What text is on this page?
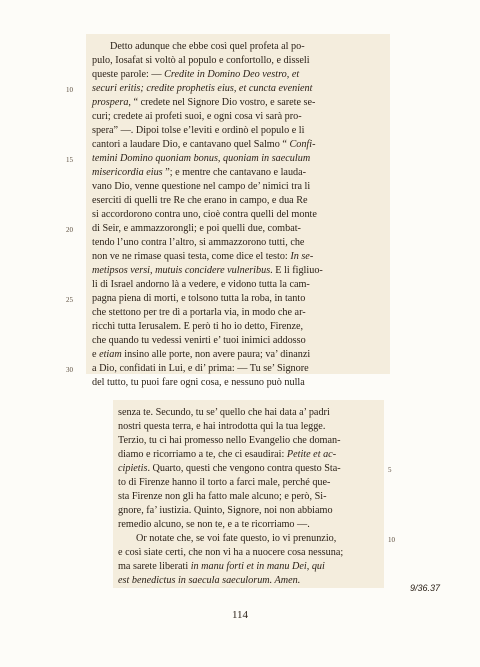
Detto adunque che ebbe così quel profeta al po-
pulo, Iosafat si voltò al populo e confortollo, e disseli
queste parole: — Credite in Domino Deo vestro, et
securi eritis; credite prophetis eius, et cuncta evenient
10
prospera, “ credete nel Signore Dio vostro, e sarete se-
curi; credete ai profeti suoi, e ogni cosa vi sarà pro-
spera” —. Dipoi tolse e’leviti e ordinò el populo e li
cantori a laudare Dio, e cantavano quel Salmo “ Confi-
temini Domino quoniam bonus, quoniam in saeculum
15
misericordia eius ”; e mentre che cantavano e lauda-
vano Dio, venne questione nel campo de’ nimici tra li
eserciti di quelli tre Re che erano in campo, e dua Re
si accordorono contra uno, cioè contra quelli del monte
di Seir, e ammazzorongli; e poi quelli due, combat-
20
tendo l’uno contra l’altro, si ammazzorono tutti, che
non ve ne rimase quasi testa, come dice el testo: In se-
metipsos versi, mutuis concidere vulneribus. E li figliuo-
li di Israel andorno là a vedere, e vidono tutta la cam-
pagna piena di morti, e tolsono tutta la roba, in tanto
25
che stettono per tre dì a portarla via, in modo che ar-
ricchì tutta Ierusalem. E però ti ho io detto, Firenze,
che quando tu vedessi venirti e’ tuoi inimici addosso
e etiam insino alle porte, non avere paura; va’ dinanzi
a Dio, confidati in Lui, e di’ prima: — Tu se’ Signore
30
del tutto, tu puoi fare ogni cosa, e nessuno può nulla
senza te. Secundo, tu se’ quello che hai data a’ padri
nostri questa terra, e hai introdotta qui la tua legge.
Terzio, tu ci hai promesso nello Evangelio che doman-
diamo e ricorriamo a te, che ci esaudirai: Petite et ac-
cipietis. Quarto, questi che vengono contra questo Sta-	5
to di Firenze hanno il torto a farci male, perché que-
sta Firenze non gli ha fatto male alcuno; e però, Si-
gnore, fa’ iustizia. Quinto, Signore, noi non abbiamo
remedio alcuno, se non te, e a te ricorriamo —.
Or notate che, se voi fate questo, io vi prenunzio,	10
e così siate certi, che non vi ha a nuocere cosa nessuna;
ma sarete liberati in manu forti et in manu Dei, qui
est benedictus in saecula saeculorum. Amen.
9/36.37
114
